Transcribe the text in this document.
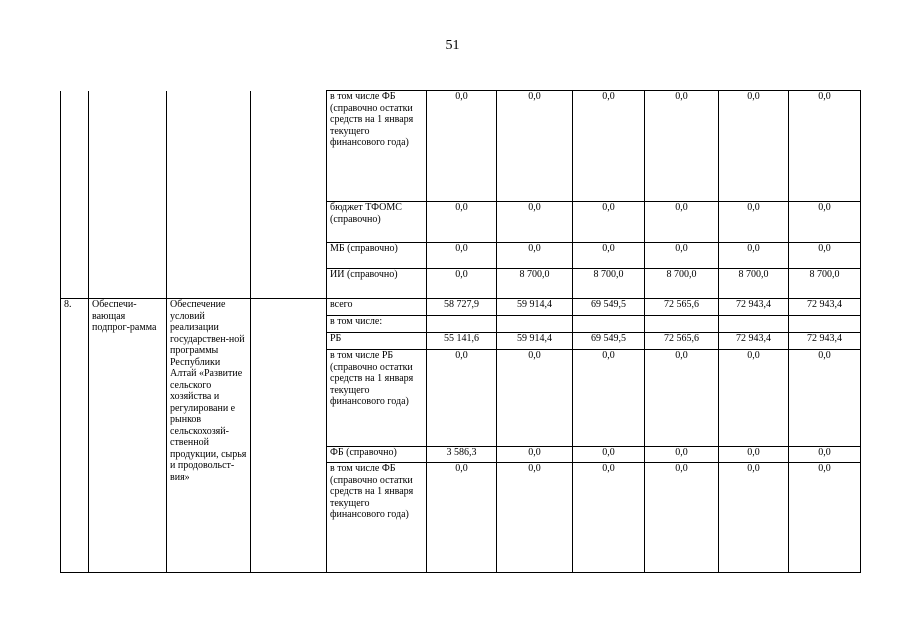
51
				в том числе ФБ (справочно остатки средств на 1 января текущего финансового года)	0,0	0,0	0,0	0,0	0,0	0,0
				бюджет ТФОМС (справочно)	0,0	0,0	0,0	0,0	0,0	0,0
				МБ (справочно)	0,0	0,0	0,0	0,0	0,0	0,0
				ИИ (справочно)	0,0	8 700,0	8 700,0	8 700,0	8 700,0	8 700,0
8.	Обеспечи-вающая подпрог-рамма	Обеспечение условий реализации государствен-ной программы Республики Алтай «Развитие сельского хозяйства и регулировани е рынков сельскохозяй-ственной продукции, сырья и продовольст-вия»		всего	58 727,9	59 914,4	69 549,5	72 565,6	72 943,4	72 943,4
				в том числе:						
				РБ	55 141,6	59 914,4	69 549,5	72 565,6	72 943,4	72 943,4
				в том числе РБ (справочно остатки средств на 1 января текущего финансового года)	0,0	0,0	0,0	0,0	0,0	0,0
				ФБ (справочно)	3 586,3	0,0	0,0	0,0	0,0	0,0
				в том числе ФБ (справочно остатки средств на 1 января текущего финансового года)	0,0	0,0	0,0	0,0	0,0	0,0
